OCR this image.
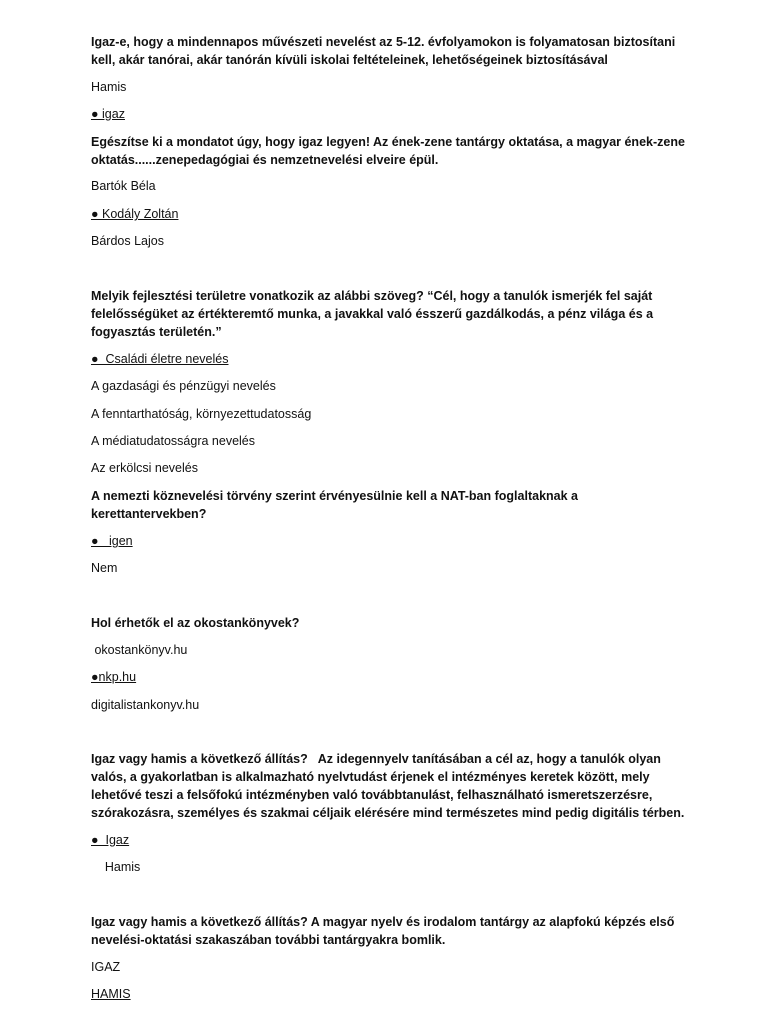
Igaz-e, hogy a mindennapos művészeti nevelést az 5-12. évfolyamokon is folyamatosan biztosítani
kell, akár tanórai, akár tanórán kívüli iskolai feltételeinek, lehetőségeinek biztosításával
Hamis
● igaz
Egészítse ki a mondatot úgy, hogy igaz legyen! Az ének-zene tantárgy oktatása, a magyar ének-zene
oktatás......zenepedagógiai és nemzetnevelési elveire épül.
Bartók Béla
● Kodály Zoltán
Bárdos Lajos
Melyik fejlesztési területre vonatkozik az alábbi szöveg? “Cél, hogy a tanulók ismerjék fel saját
felelősségüket az értékteremtő munka, a javakkal való ésszerű gazdálkodás, a pénz világa és a
fogyasztás területén.”
●  Családi életre nevelés
A gazdasági és pénzügyi nevelés
A fenntarthatóság, környezettudatosság
A médiatudatosságra nevelés
Az erkölcsi nevelés
A nemezti köznevelési törvény szerint érvényesülnie kell a NAT-ban foglaltaknak a
kerettantervekben?
●   igen
Nem
Hol érhetők el az okostankönyvek?
okostankönyv.hu
●nkp.hu
digitalistankonyv.hu
Igaz vagy hamis a következő állítás?   Az idegennyelv tanításában a cél az, hogy a tanulók olyan
valós, a gyakorlatban is alkalmazható nyelvtudást érjenek el intézményes keretek között, mely
lehetővé teszi a felsőfokú intézményben való továbbtanulást, felhasználható ismeretszerzésre,
szórakozásra, személyes és szakmai céljaik elérésére mind természetes mind pedig digitális térben.
●  Igaz
Hamis
Igaz vagy hamis a következő állítás? A magyar nyelv és irodalom tantárgy az alapfokú képzés első
nevelési-oktatási szakaszában további tantárgyakra bomlik.
IGAZ
HAMIS
